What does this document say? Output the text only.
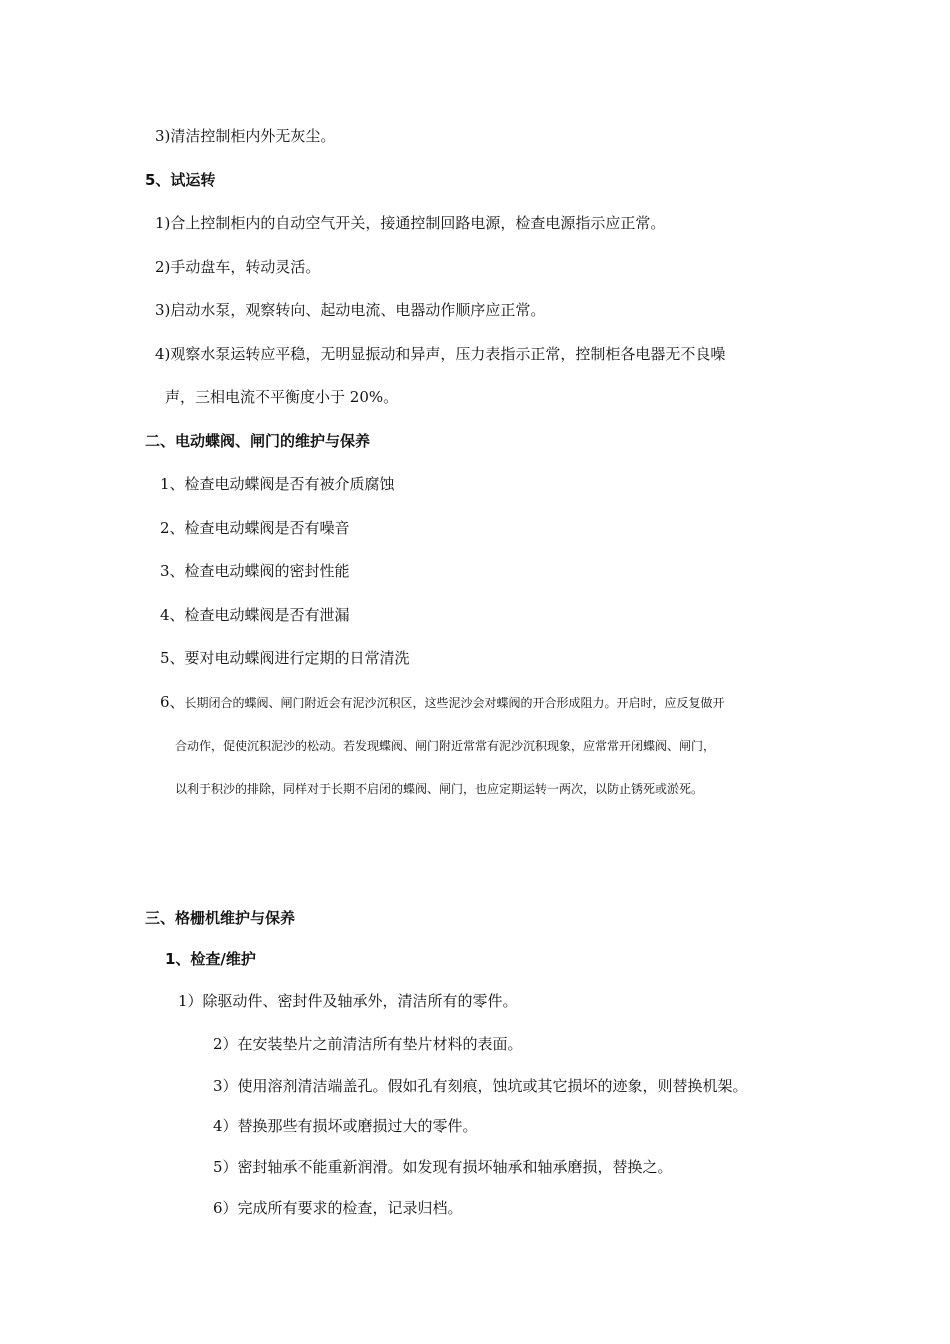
3)清洁控制柜内外无灰尘。
5、试运转
1)合上控制柜内的自动空气开关，接通控制回路电源，检查电源指示应正常。
2)手动盘车，转动灵活。
3)启动水泵，观察转向、起动电流、电器动作顺序应正常。
4)观察水泵运转应平稳，无明显振动和异声，压力表指示正常，控制柜各电器无不良噪
声，三相电流不平衡度小于 20%。
二、电动蝶阀、闸门的维护与保养
1、检查电动蝶阀是否有被介质腐蚀
2、检查电动蝶阀是否有噪音
3、检查电动蝶阀的密封性能
4、检查电动蝶阀是否有泄漏
5、要对电动蝶阀进行定期的日常清洗
6、长期闭合的蝶阀、闸门附近会有泥沙沉积区，这些泥沙会对蝶阀的开合形成阻力。开启时，应反复做开
合动作，促使沉积泥沙的松动。若发现蝶阀、闸门附近常常有泥沙沉积现象，应常常开闭蝶阀、闸门，
以利于积沙的排除，同样对于长期不启闭的蝶阀、闸门，也应定期运转一两次，以防止锈死或淤死。
三、格栅机维护与保养
1、检查/维护
1）除驱动件、密封件及轴承外，清洁所有的零件。
2）在安装垫片之前清洁所有垫片材料的表面。
3）使用溶剂清洁端盖孔。假如孔有刻痕，蚀坑或其它损坏的迹象，则替换机架。
4）替换那些有损坏或磨损过大的零件。
5）密封轴承不能重新润滑。如发现有损坏轴承和轴承磨损，替换之。
6）完成所有要求的检查，记录归档。
